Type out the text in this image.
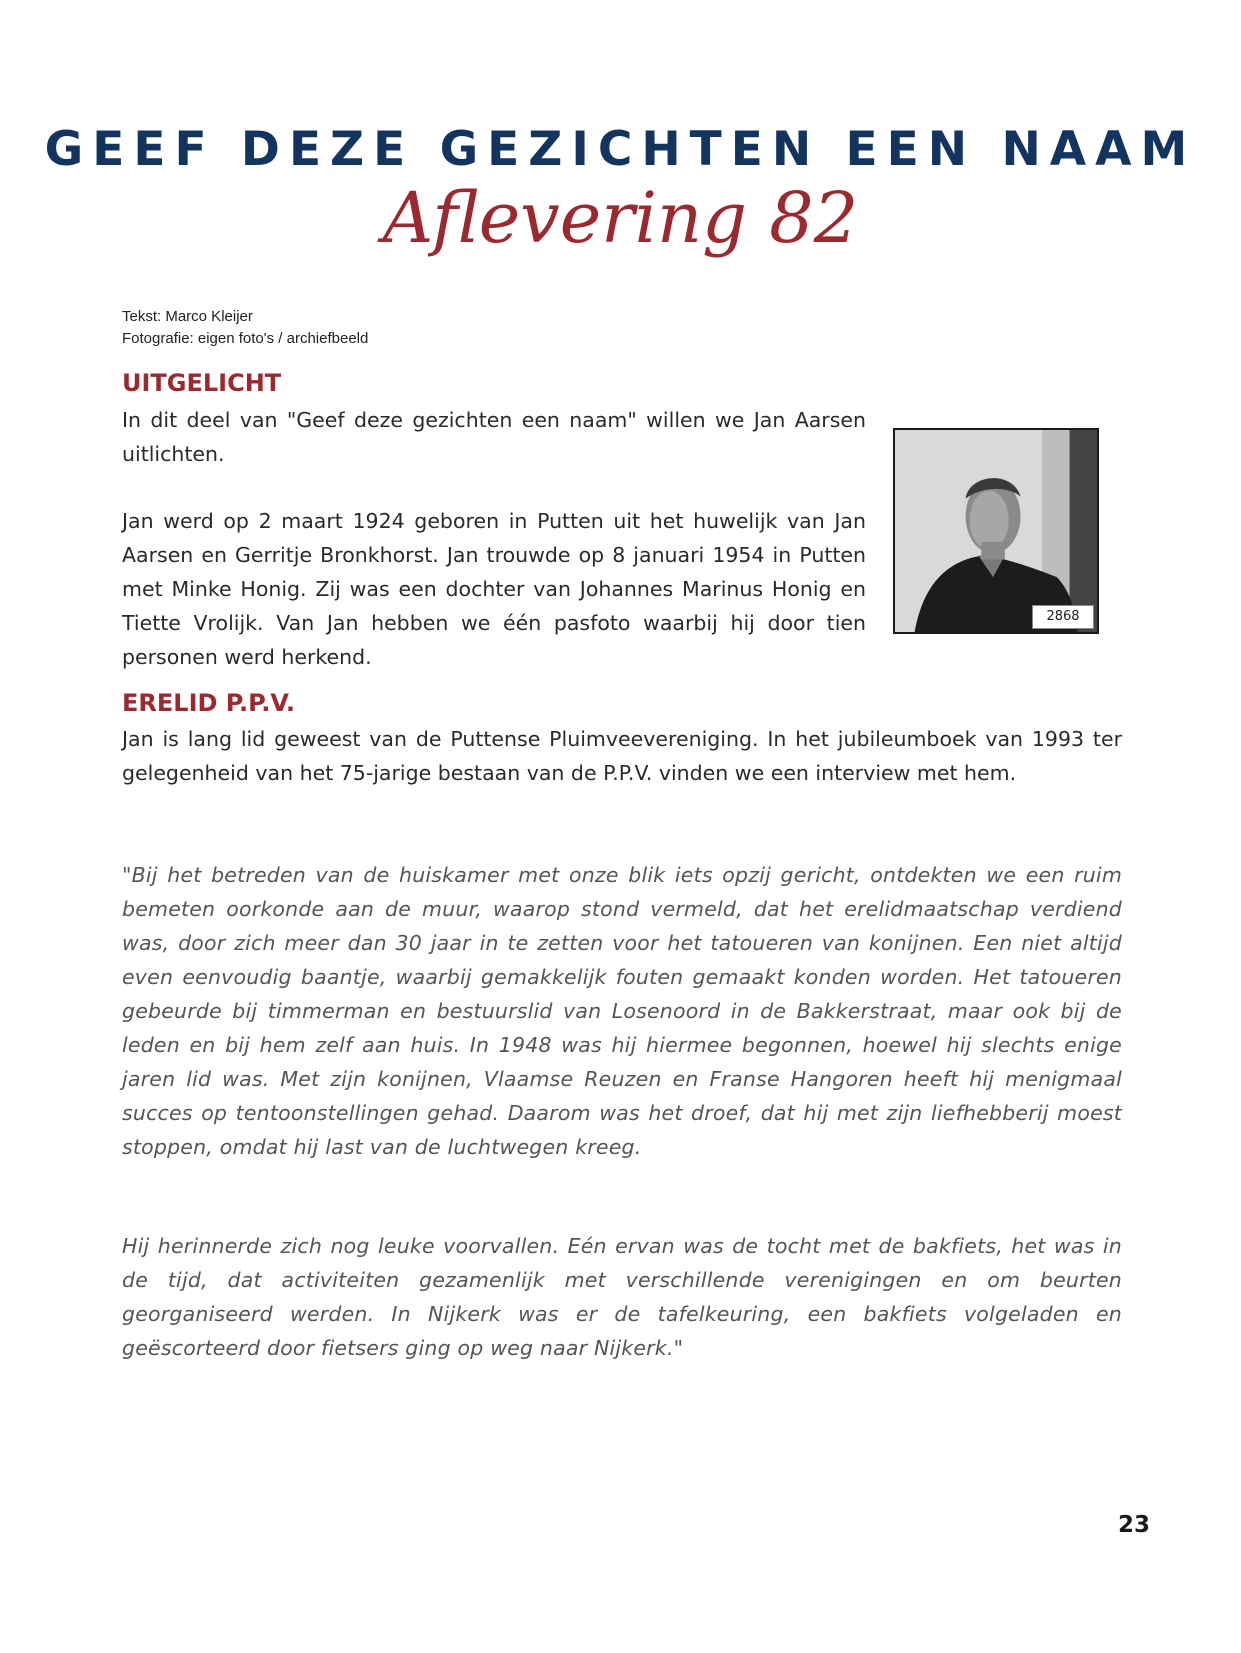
GEEF DEZE GEZICHTEN EEN NAAM
Aflevering 82
Tekst: Marco Kleijer
Fotografie: eigen foto's / archiefbeeld
UITGELICHT

In dit deel van "Geef deze gezichten een naam" willen we Jan Aarsen uitlichten.

Jan werd op 2 maart 1924 geboren in Putten uit het huwelijk van Jan Aarsen en Gerritje Bronkhorst. Jan trouwde op 8 januari 1954 in Putten met Minke Honig. Zij was een dochter van Johannes Marinus Honig en Tiette Vrolijk. Van Jan hebben we één pasfoto waarbij hij door tien personen werd herkend.

2868
ERELID P.P.V.

Jan is lang lid geweest van de Puttense Pluimveevereniging. In het jubileumboek van 1993 ter gelegenheid van het 75-jarige bestaan van de P.P.V. vinden we een interview met hem.

"Bij het betreden van de huiskamer met onze blik iets opzij gericht, ontdekten we een ruim bemeten oorkonde aan de muur, waarop stond vermeld, dat het erelidmaatschap verdiend was, door zich meer dan 30 jaar in te zetten voor het tatoueren van konijnen. Een niet altijd even eenvoudig baantje, waarbij gemakkelijk fouten gemaakt konden worden. Het tatoueren gebeurde bij timmerman en bestuurslid van Losenoord in de Bakkerstraat, maar ook bij de leden en bij hem zelf aan huis. In 1948 was hij hiermee begonnen, hoewel hij slechts enige jaren lid was. Met zijn konijnen, Vlaamse Reuzen en Franse Hangoren heeft hij menigmaal succes op tentoonstellingen gehad. Daarom was het droef, dat hij met zijn liefhebberij moest stoppen, omdat hij last van de luchtwegen kreeg.

Hij herinnerde zich nog leuke voorvallen. Eén ervan was de tocht met de bakfiets, het was in de tijd, dat activiteiten gezamenlijk met verschillende verenigingen en om beurten georganiseerd werden. In Nijkerk was er de tafelkeuring, een bakfiets volgeladen en geëscorteerd door fietsers ging op weg naar Nijkerk."

23
